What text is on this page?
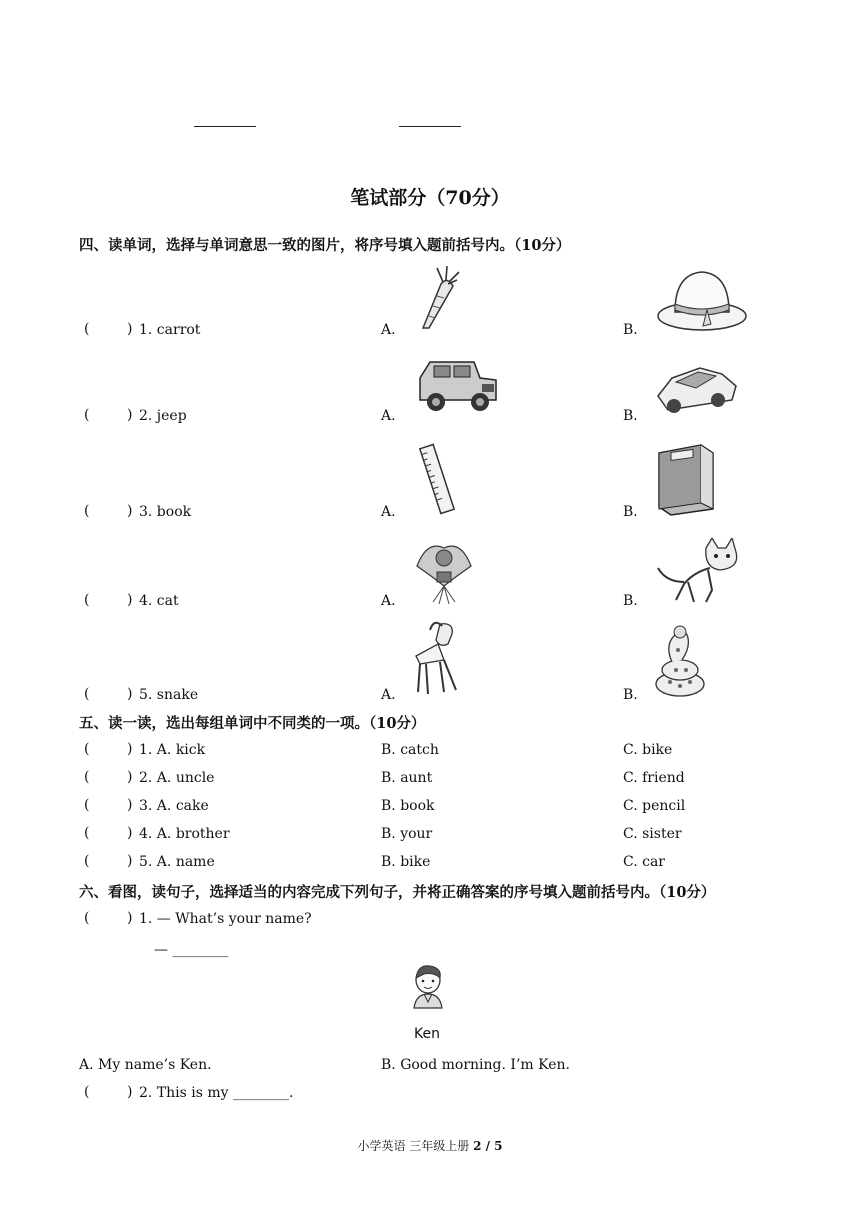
笔试部分（70分）
四、读单词，选择与单词意思一致的图片，将序号填入题前括号内。（10分）
(	) 1. carrot	A.	B.
(	) 2. jeep	A.	B.
(	) 3. book	A.	B.
(	) 4. cat	A.	B.
(	) 5. snake	A.	B.
五、读一读，选出每组单词中不同类的一项。（10分）
(	) 1. A. kick	B. catch	C. bike
(	) 2. A. uncle	B. aunt	C. friend
(	) 3. A. cake	B. book	C. pencil
(	) 4. A. brother	B. your	C. sister
(	) 5. A. name	B. bike	C. car
六、看图，读句子，选择适当的内容完成下列句子，并将正确答案的序号填入题前括号内。（10分）
(	) 1. — What’s your name?
— ________
Ken
A. My name’s Ken.	B. Good morning. I’m Ken.
(	) 2. This is my ________.
小学英语 三年级上册 2 / 5
